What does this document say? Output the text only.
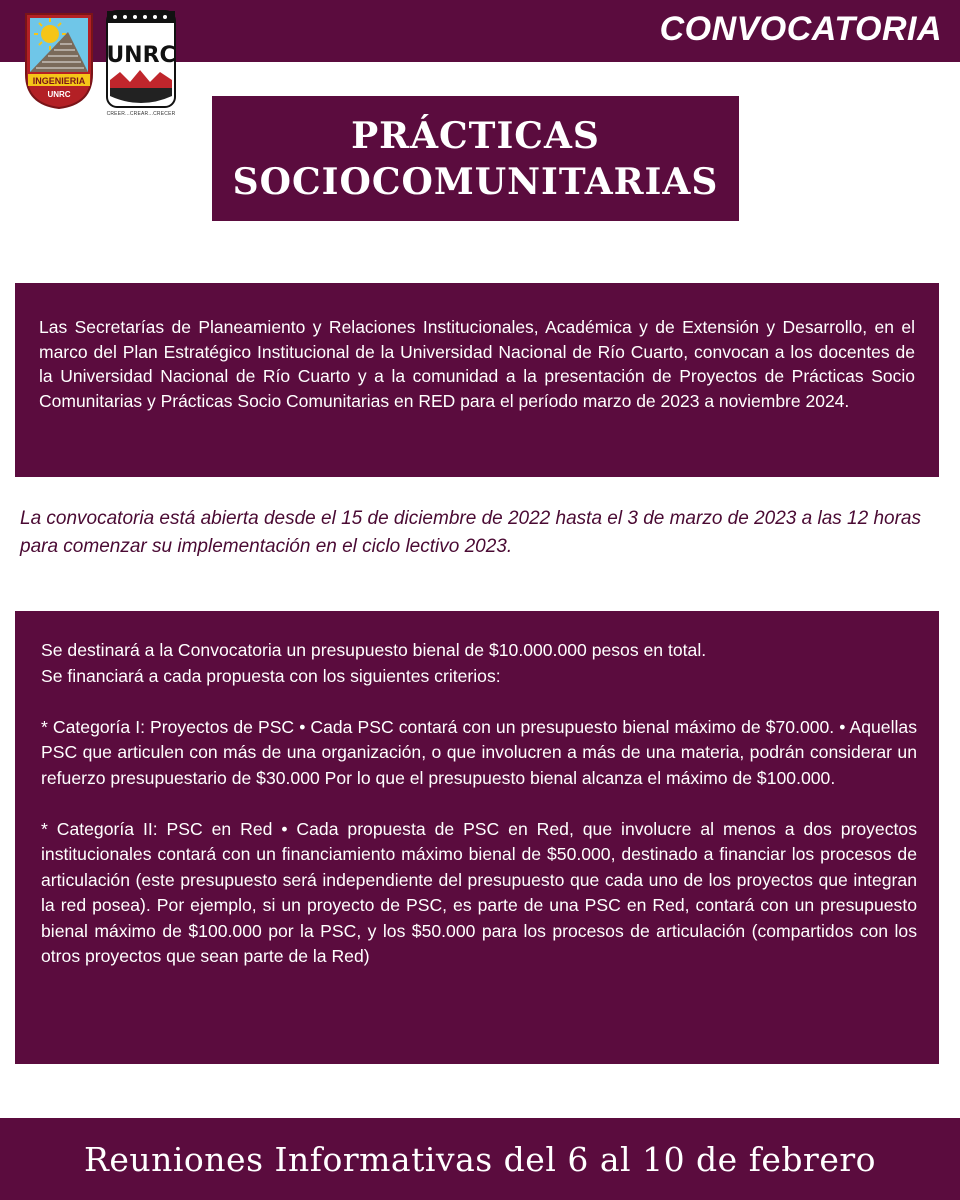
CONVOCATORIA
INGENIERIA
UNRC
UNRC
CREER...CREAR...CRECER
PRÁCTICAS
SOCIOCOMUNITARIAS

Las Secretarías de Planeamiento y Relaciones Institucionales, Académica y de Extensión y Desarrollo, en el marco del Plan Estratégico Institucional de la Universidad Nacional de Río Cuarto, convocan a los docentes de la Universidad Nacional de Río Cuarto y a la comunidad a la presentación de Proyectos de Prácticas Socio Comunitarias y Prácticas Socio Comunitarias en RED para el período marzo de 2023 a noviembre 2024.

La convocatoria está abierta desde el 15 de diciembre de 2022 hasta el 3 de marzo de 2023 a las 12 horas para comenzar su implementación en el ciclo lectivo 2023.

Se destinará a la Convocatoria un presupuesto bienal de $10.000.000 pesos en total.

Se financiará a cada propuesta con los siguientes criterios:

* Categoría I: Proyectos de PSC • Cada PSC contará con un presupuesto bienal máximo de $70.000. • Aquellas PSC que articulen con más de una organización, o que involucren a más de una materia, podrán considerar un refuerzo presupuestario de $30.000 Por lo que el presupuesto bienal alcanza el máximo de $100.000.

* Categoría II: PSC en Red • Cada propuesta de PSC en Red, que involucre al menos a dos proyectos institucionales contará con un financiamiento máximo bienal de $50.000, destinado a financiar los procesos de articulación (este presupuesto será independiente del presupuesto que cada uno de los proyectos que integran la red posea). Por ejemplo, si un proyecto de PSC, es parte de una PSC en Red, contará con un presupuesto bienal máximo de $100.000 por la PSC, y los $50.000 para los procesos de articulación (compartidos con los otros proyectos que sean parte de la Red)

Reuniones Informativas del 6 al 10 de febrero
